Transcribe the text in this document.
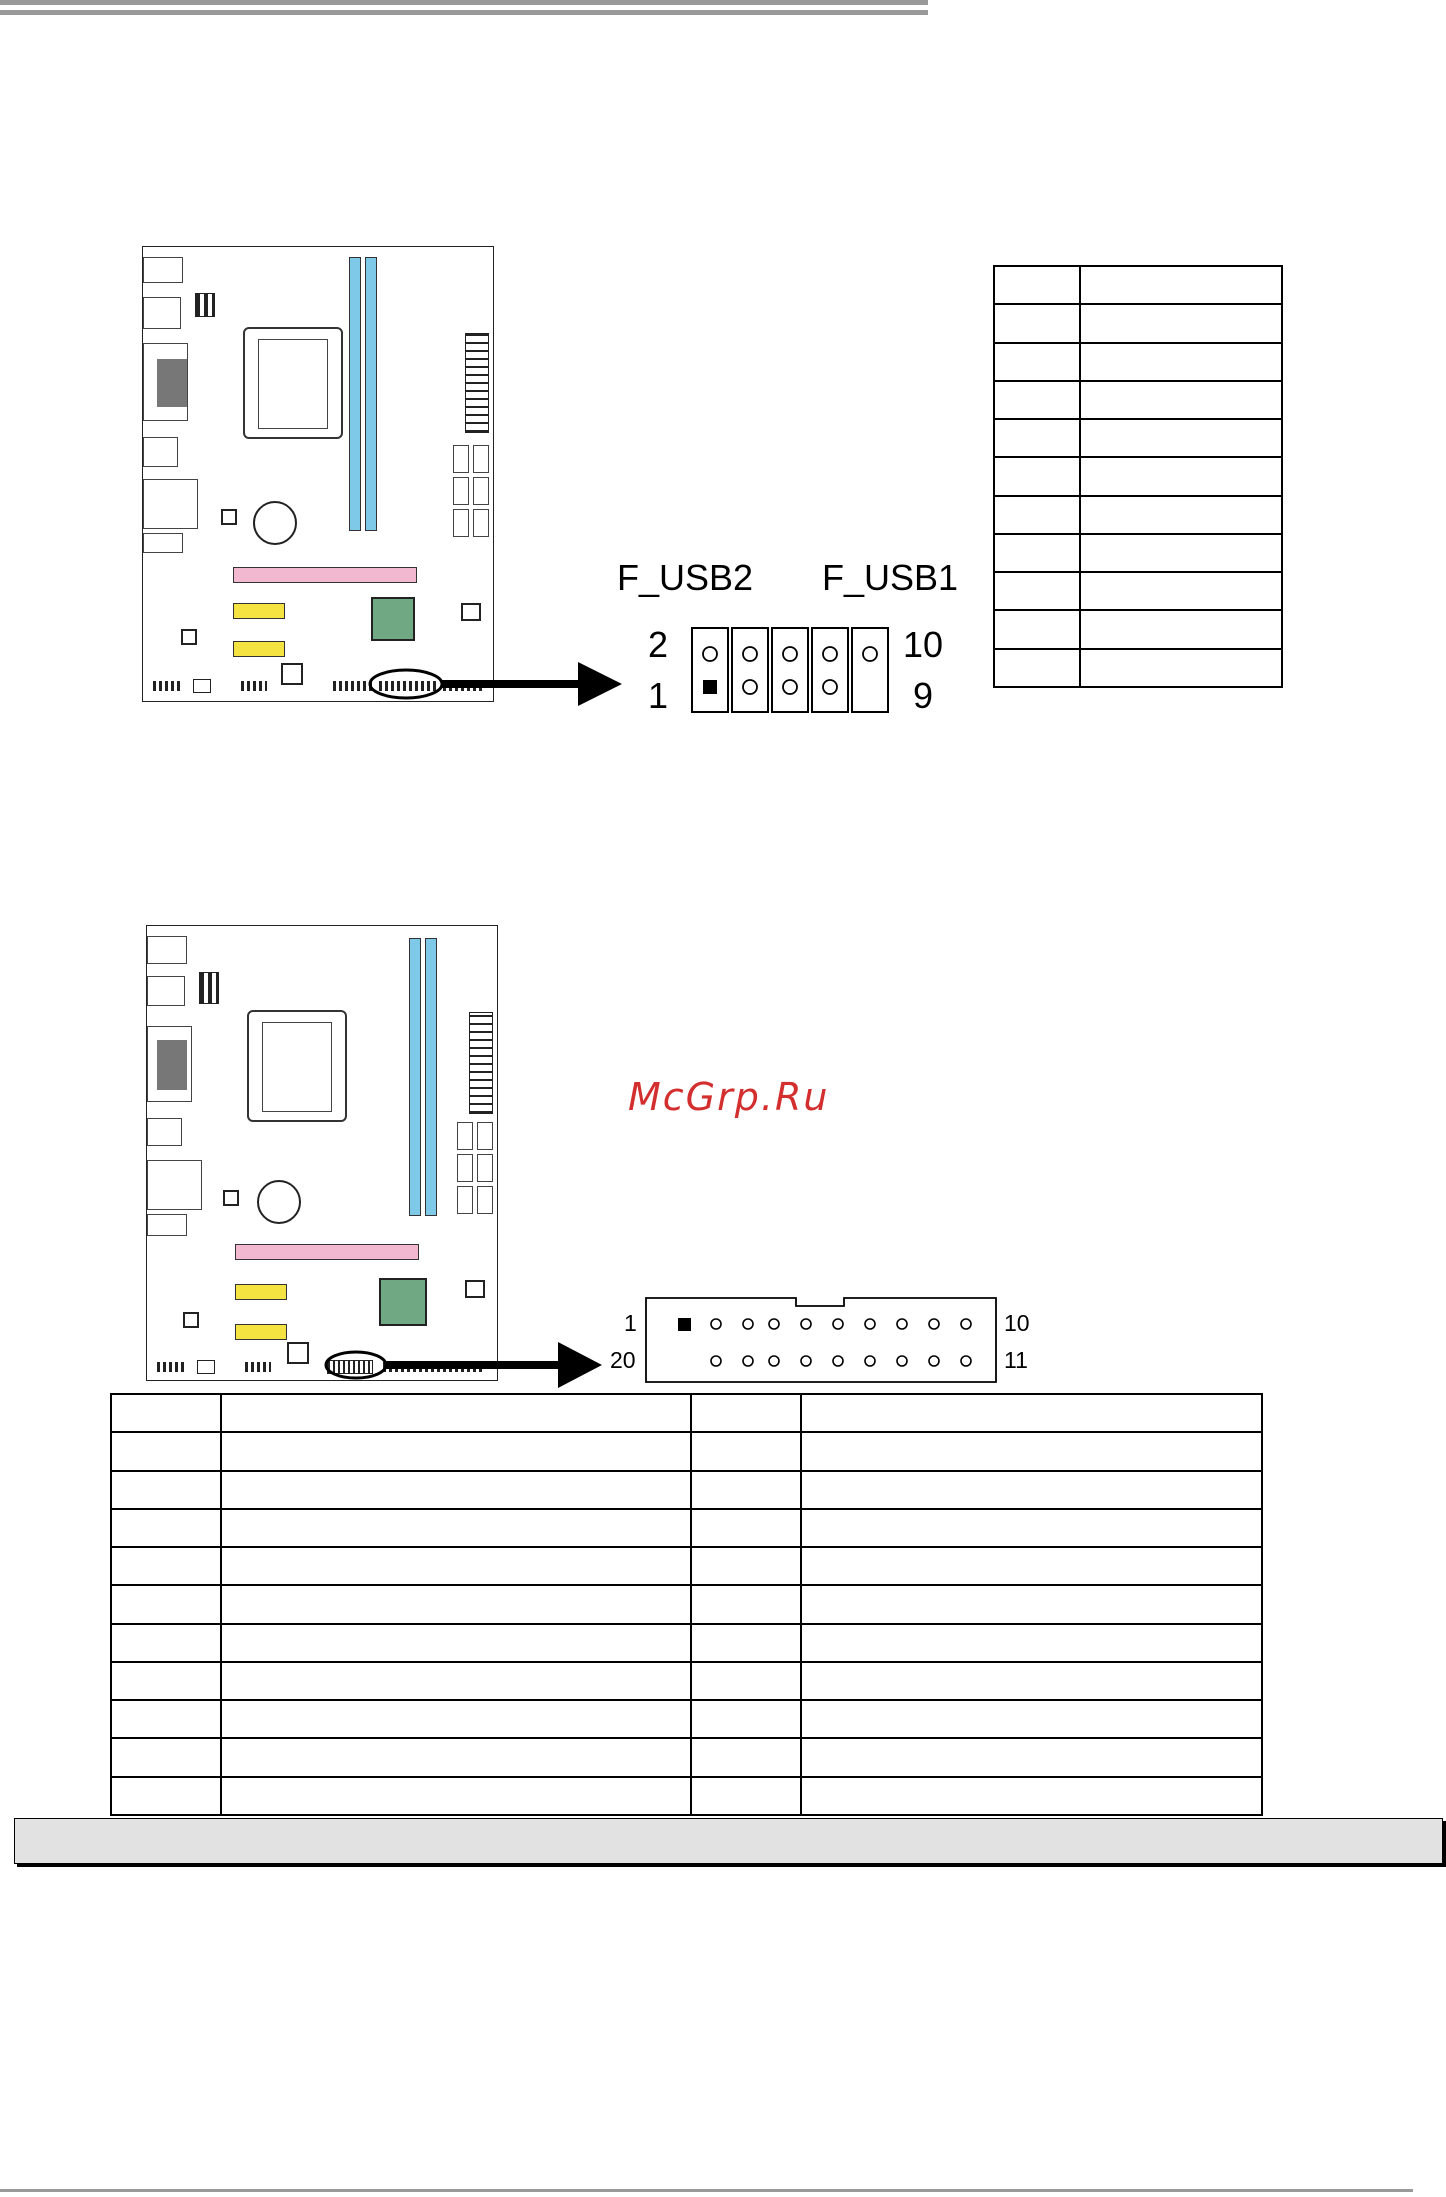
F_USB2 F_USB1
2
1
10
9

1
20
10
11

McGrp.Ru
